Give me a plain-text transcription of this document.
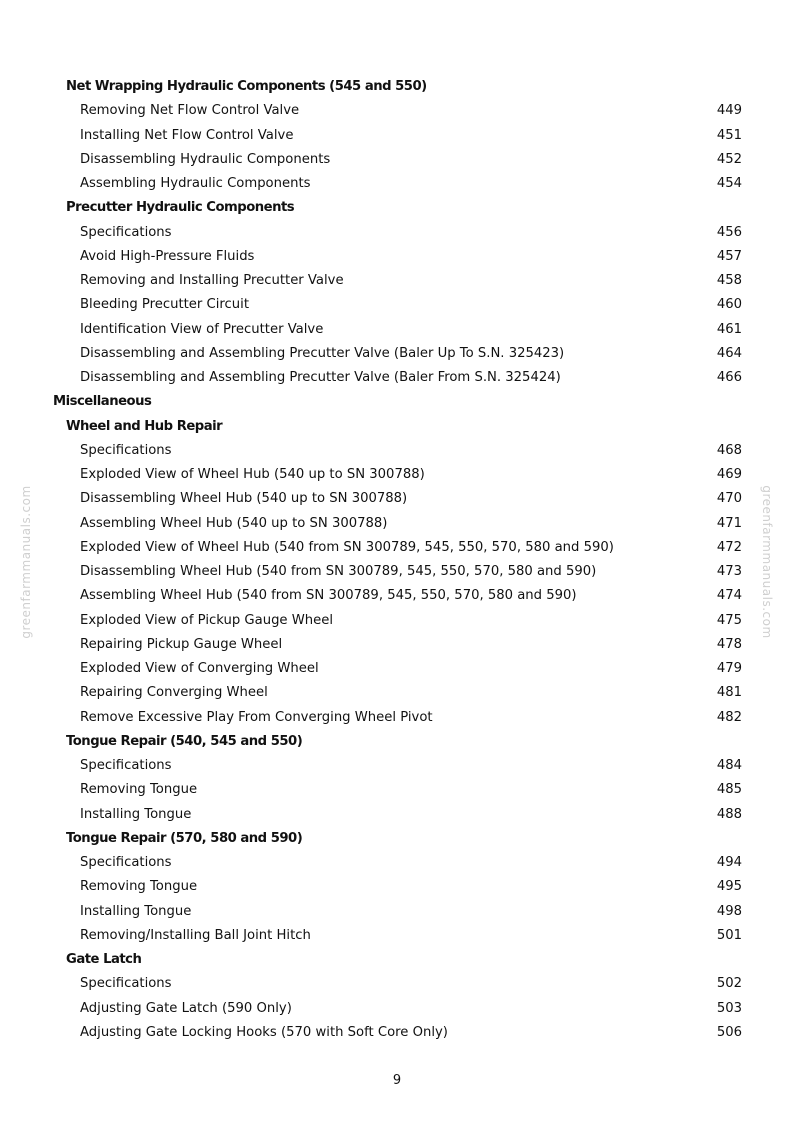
greenfarmmanuals.com	greenfarmmanuals.com
Net Wrapping Hydraulic Components (545 and 550)
Removing Net Flow Control Valve	449
Installing Net Flow Control Valve	451
Disassembling Hydraulic Components	452
Assembling Hydraulic Components	454
Precutter Hydraulic Components
Specifications	456
Avoid High-Pressure Fluids	457
Removing and Installing Precutter Valve	458
Bleeding Precutter Circuit	460
Identification View of Precutter Valve	461
Disassembling and Assembling Precutter Valve (Baler Up To S.N. 325423)	464
Disassembling and Assembling Precutter Valve (Baler From S.N. 325424)	466
Miscellaneous
Wheel and Hub Repair
Specifications	468
Exploded View of Wheel Hub (540 up to SN 300788)	469
Disassembling Wheel Hub (540 up to SN 300788)	470
Assembling Wheel Hub (540 up to SN 300788)	471
Exploded View of Wheel Hub (540 from SN 300789, 545, 550, 570, 580 and 590)	472
Disassembling Wheel Hub (540 from SN 300789, 545, 550, 570, 580 and 590)	473
Assembling Wheel Hub (540 from SN 300789, 545, 550, 570, 580 and 590)	474
Exploded View of Pickup Gauge Wheel	475
Repairing Pickup Gauge Wheel	478
Exploded View of Converging Wheel	479
Repairing Converging Wheel	481
Remove Excessive Play From Converging Wheel Pivot	482
Tongue Repair (540, 545 and 550)
Specifications	484
Removing Tongue	485
Installing Tongue	488
Tongue Repair (570, 580 and 590)
Specifications	494
Removing Tongue	495
Installing Tongue	498
Removing/Installing Ball Joint Hitch	501
Gate Latch
Specifications	502
Adjusting Gate Latch (590 Only)	503
Adjusting Gate Locking Hooks (570 with Soft Core Only)	506
9
